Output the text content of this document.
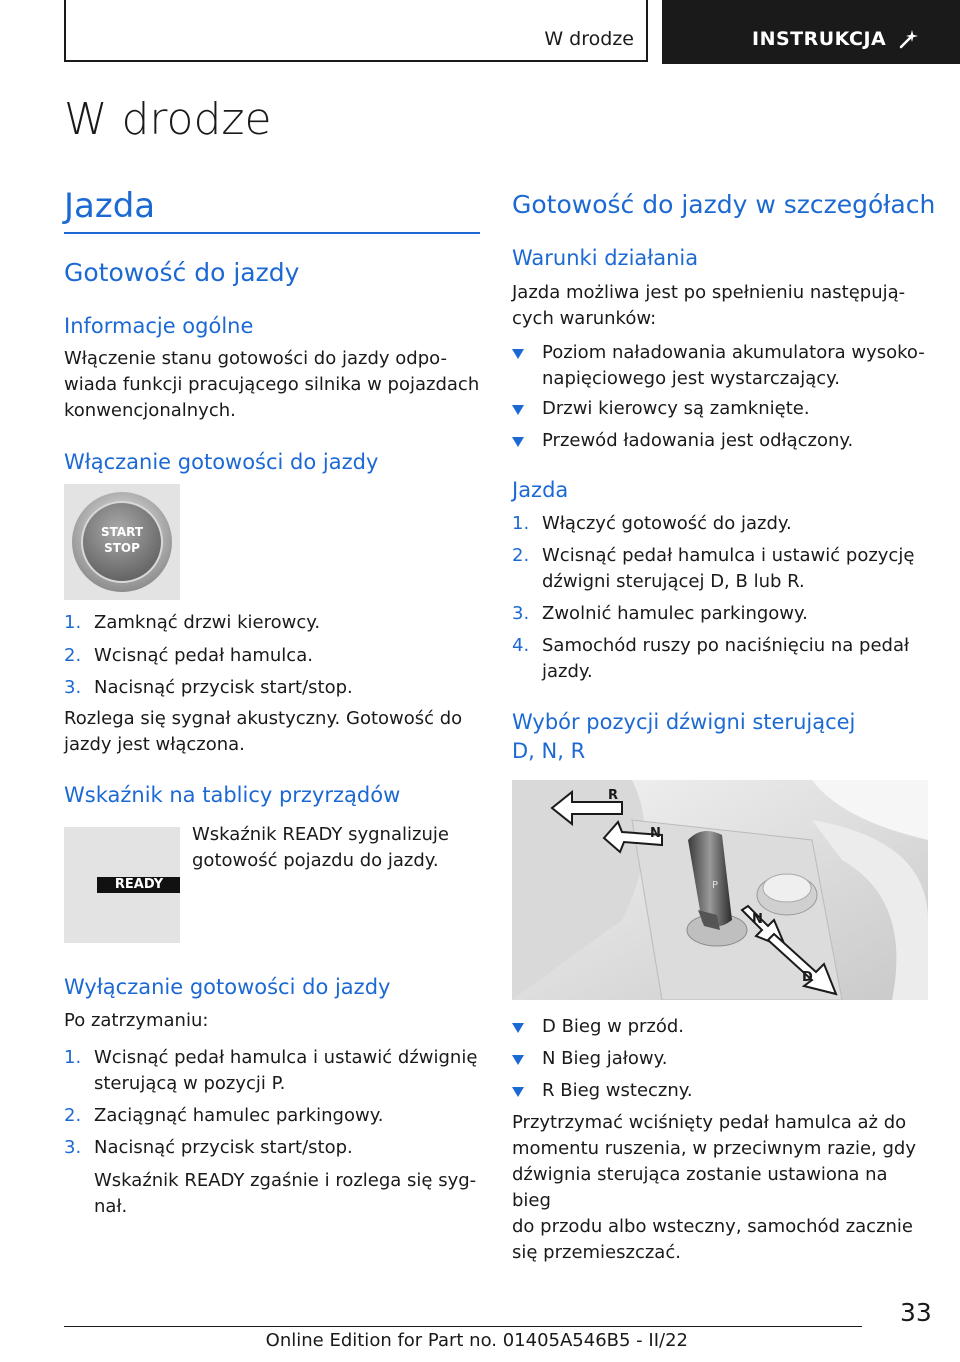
W drodze	INSTRUKCJA
W drodze
Jazda
Gotowość do jazdy
Informacje ogólne
Włączenie stanu gotowości do jazdy odpo-
wiada funkcji pracującego silnika w pojazdach
konwencjonalnych.
Włączanie gotowości do jazdy
START
STOP
1. Zamknąć drzwi kierowcy.
2. Wcisnąć pedał hamulca.
3. Nacisnąć przycisk start/stop.
Rozlega się sygnał akustyczny. Gotowość do
jazdy jest włączona.
Wskaźnik na tablicy przyrządów
READY
Wskaźnik READY sygnalizuje
gotowość pojazdu do jazdy.
Wyłączanie gotowości do jazdy
Po zatrzymaniu:
1. Wcisnąć pedał hamulca i ustawić dźwignię
sterującą w pozycji P.
2. Zaciągnąć hamulec parkingowy.
3. Nacisnąć przycisk start/stop.
Wskaźnik READY zgaśnie i rozlega się syg-
nał.
Gotowość do jazdy w szczegółach
Warunki działania
Jazda możliwa jest po spełnieniu następują-
cych warunków:
Poziom naładowania akumulatora wysoko-
napięciowego jest wystarczający.
Drzwi kierowcy są zamknięte.
Przewód ładowania jest odłączony.
Jazda
1. Włączyć gotowość do jazdy.
2. Wcisnąć pedał hamulca i ustawić pozycję
dźwigni sterującej D, B lub R.
3. Zwolnić hamulec parkingowy.
4. Samochód ruszy po naciśnięciu na pedał
jazdy.
Wybór pozycji dźwigni sterującej
D, N, R
R
N
P
N
D
D Bieg w przód.
N Bieg jałowy.
R Bieg wsteczny.
Przytrzymać wciśnięty pedał hamulca aż do
momentu ruszenia, w przeciwnym razie, gdy
dźwignia sterująca zostanie ustawiona na bieg
do przodu albo wsteczny, samochód zacznie
się przemieszczać.
33
Online Edition for Part no. 01405A546B5 - II/22
